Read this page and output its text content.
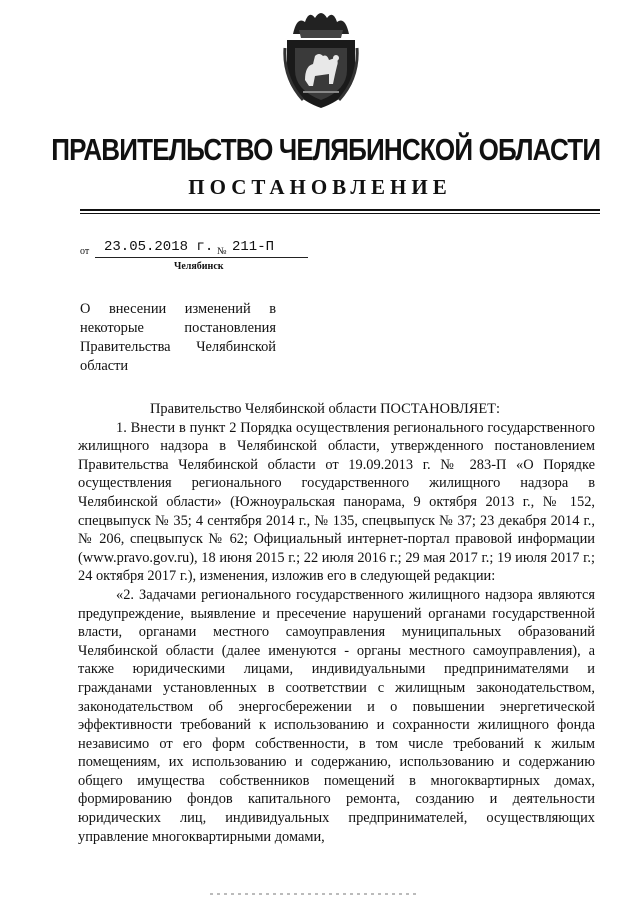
ПРАВИТЕЛЬСТВО ЧЕЛЯБИНСКОЙ ОБЛАСТИ
ПОСТАНОВЛЕНИЕ
от 23.05.2018 г. № 211-П
Челябинск
О внесении изменений в некоторые постановления Правительства Челябинской области

Правительство Челябинской области ПОСТАНОВЛЯЕТ:

1. Внести в пункт 2 Порядка осуществления регионального государственного жилищного надзора в Челябинской области, утвержденного постановлением Правительства Челябинской области от 19.09.2013 г. № 283-П «О Порядке осуществления регионального государственного жилищного надзора в Челябинской области» (Южноуральская панорама, 9 октября 2013 г., № 152, спецвыпуск № 35; 4 сентября 2014 г., № 135, спецвыпуск № 37; 23 декабря 2014 г., № 206, спецвыпуск № 62; Официальный интернет-портал правовой информации (www.pravo.gov.ru), 18 июня 2015 г.; 22 июля 2016 г.; 29 мая 2017 г.; 19 июля 2017 г.; 24 октября 2017 г.), изменения, изложив его в следующей редакции:

«2. Задачами регионального государственного жилищного надзора являются предупреждение, выявление и пресечение нарушений органами государственной власти, органами местного самоуправления муниципальных образований Челябинской области (далее именуются - органы местного самоуправления), а также юридическими лицами, индивидуальными предпринимателями и гражданами установленных в соответствии с жилищным законодательством, законодательством об энергосбережении и о повышении энергетической эффективности требований к использованию и сохранности жилищного фонда независимо от его форм собственности, в том числе требований к жилым помещениям, их использованию и содержанию, использованию и содержанию общего имущества собственников помещений в многоквартирных домах, формированию фондов капитального ремонта, созданию и деятельности юридических лиц, индивидуальных предпринимателей, осуществляющих управление многоквартирными домами,
